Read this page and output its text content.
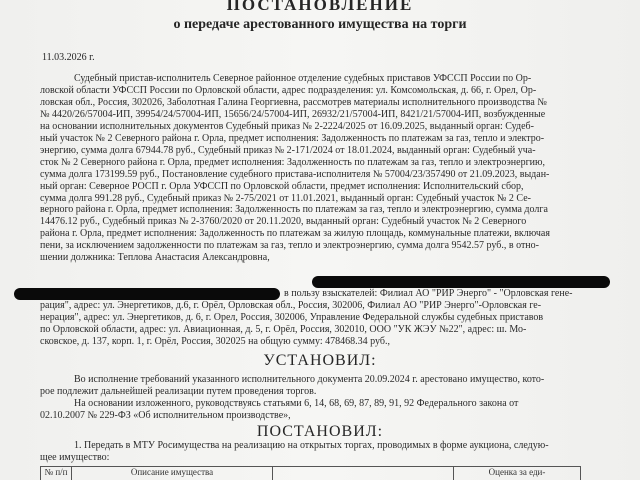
ПОСТАНОВЛЕНИЕ
о передаче арестованного имущества на торги
11.03.2026 г.
Судебный пристав-исполнитель Северное районное отделение судебных приставов УФССП России по Ор-
ловской области УФССП России по Орловской области, адрес подразделения: ул. Комсомольская, д. 66, г. Орел, Ор-
ловская обл., Россия, 302026, Заболотная Галина Георгиевна, рассмотрев материалы исполнительного производства №
№ 4420/26/57004-ИП, 39954/24/57004-ИП, 15656/24/57004-ИП, 26932/21/57004-ИП, 8421/21/57004-ИП, возбужденные
на основании исполнительных документов Судебный приказ № 2-2224/2025 от 16.09.2025, выданный орган: Судеб-
ный участок № 2 Северного района г. Орла, предмет исполнения: Задолженность по платежам за газ, тепло и электро-
энергию, сумма долга 67944.78 руб., Судебный приказ № 2-171/2024 от 18.01.2024, выданный орган: Судебный уча-
сток № 2 Северного района г. Орла, предмет исполнения: Задолженность по платежам за газ, тепло и электроэнергию,
сумма долга 173199.59 руб., Постановление судебного пристава-исполнителя № 57004/23/357490 от 21.09.2023, выдан-
ный орган: Северное РОСП г. Орла УФССП по Орловской области, предмет исполнения: Исполнительский сбор,
сумма долга 991.28 руб., Судебный приказ № 2-75/2021 от 11.01.2021, выданный орган: Судебный участок № 2 Се-
верного района г. Орла, предмет исполнения: Задолженность по платежам за газ, тепло и электроэнергию, сумма долга
14476.12 руб., Судебный приказ № 2-3760/2020 от 20.11.2020, выданный орган: Судебный участок № 2 Северного
района г. Орла, предмет исполнения: Задолженность по платежам за жилую площадь, коммунальные платежи, включая
пени, за исключением задолженности по платежам за газ, тепло и электроэнергию, сумма долга 9542.57 руб., в отно-
шении должника: Теплова Анастасия Александровна,
в пользу взыскателей: Филиал АО "РИР Энерго" - "Орловская гене-
рация", адрес: ул. Энергетиков, д.6, г. Орёл, Орловская обл., Россия, 302006, Филиал АО "РИР Энерго"-Орловская ге-
нерация", адрес: ул. Энергетиков, д. 6, г. Орел, Россия, 302006, Управление Федеральной службы судебных приставов
по Орловской области, адрес: ул. Авиационная, д. 5, г. Орёл, Россия, 302010, ООО "УК ЖЭУ №22", адрес: ш. Мо-
сковское, д. 137, корп. 1, г. Орёл, Россия, 302025 на общую сумму: 478468.34 руб.,
УСТАНОВИЛ:
Во исполнение требований указанного исполнительного документа 20.09.2024 г. арестовано имущество, кото-
рое подлежит дальнейшей реализации путем проведения торгов.
На основании изложенного, руководствуясь статьями 6, 14, 68, 69, 87, 89, 91, 92 Федерального закона от
02.10.2007 № 229-ФЗ «Об исполнительном производстве»,
ПОСТАНОВИЛ:
1. Передать в МТУ Росимущества на реализацию на открытых торгах, проводимых в форме аукциона, следую-
щее имущество:
№ п/п	Описание имущества	Оценка за еди-
